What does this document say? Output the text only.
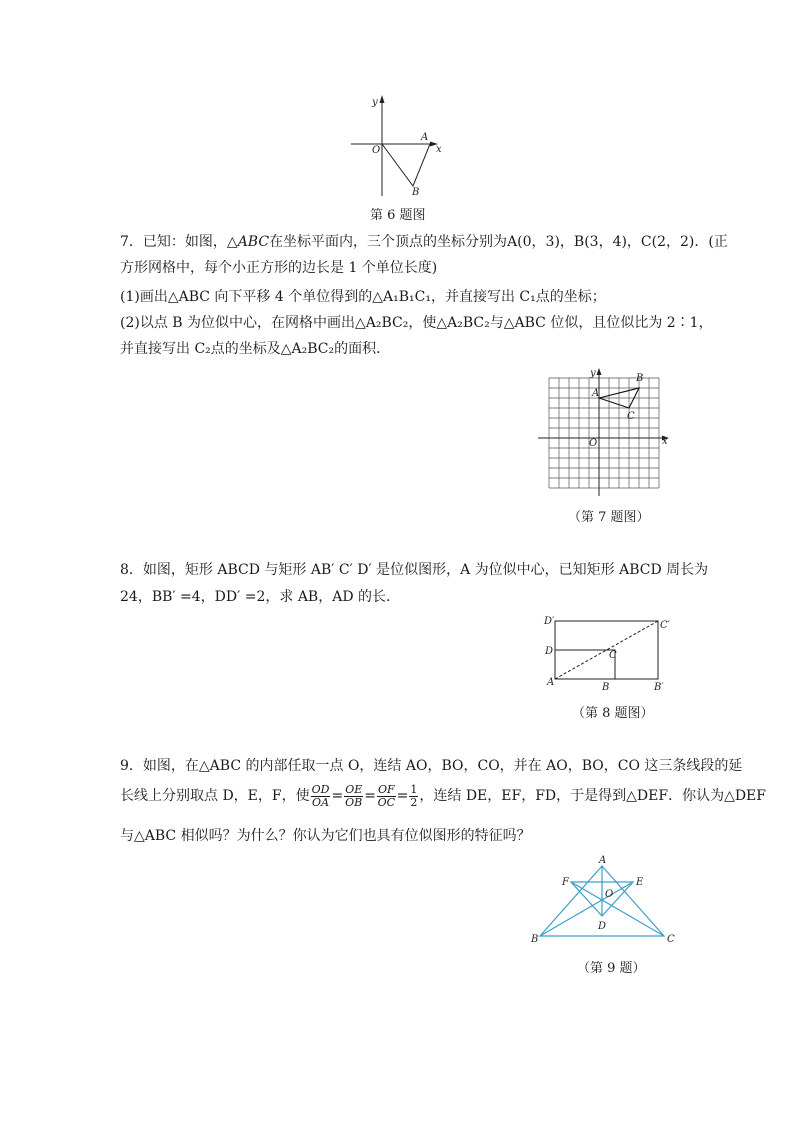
y
x
O
A
B
第 6 题图
7．已知：如图，△ABC在坐标平面内，三个顶点的坐标分别为A(0，3)，B(3，4)，C(2，2)．(正
方形网格中，每个小正方形的边长是 1 个单位长度)
(1)画出△ABC 向下平移 4 个单位得到的△A₁B₁C₁，并直接写出 C₁点的坐标；
(2)以点 B 为位似中心，在网格中画出△A₂BC₂，使△A₂BC₂与△ABC 位似，且位似比为 2∶1，
并直接写出 C₂点的坐标及△A₂BC₂的面积．
y
x
O
A
B
C
（第 7 题图）
8．如图，矩形 ABCD 与矩形 AB′ C′ D′ 是位似图形，A 为位似中心，已知矩形 ABCD 周长为
24，BB′ =4，DD′ =2，求 AB，AD 的长．
D′	C′
D	C
A	B	B′
（第 8 题图）
9．如图，在△ABC 的内部任取一点 O，连结 AO，BO，CO，并在 AO，BO，CO 这三条线段的延
长线上分别取点 D，E，F，使 $\frac{OD}{OA} = \frac{OE}{OB} = \frac{OF}{OC} = \frac{1}{2}$ ，连结 DE，EF，FD，于是得到△DEF．你认为△DEF
与△ABC 相似吗？为什么？你认为它们也具有位似图形的特征吗？
A
F	E
O
D
B	C
（第 9 题）
